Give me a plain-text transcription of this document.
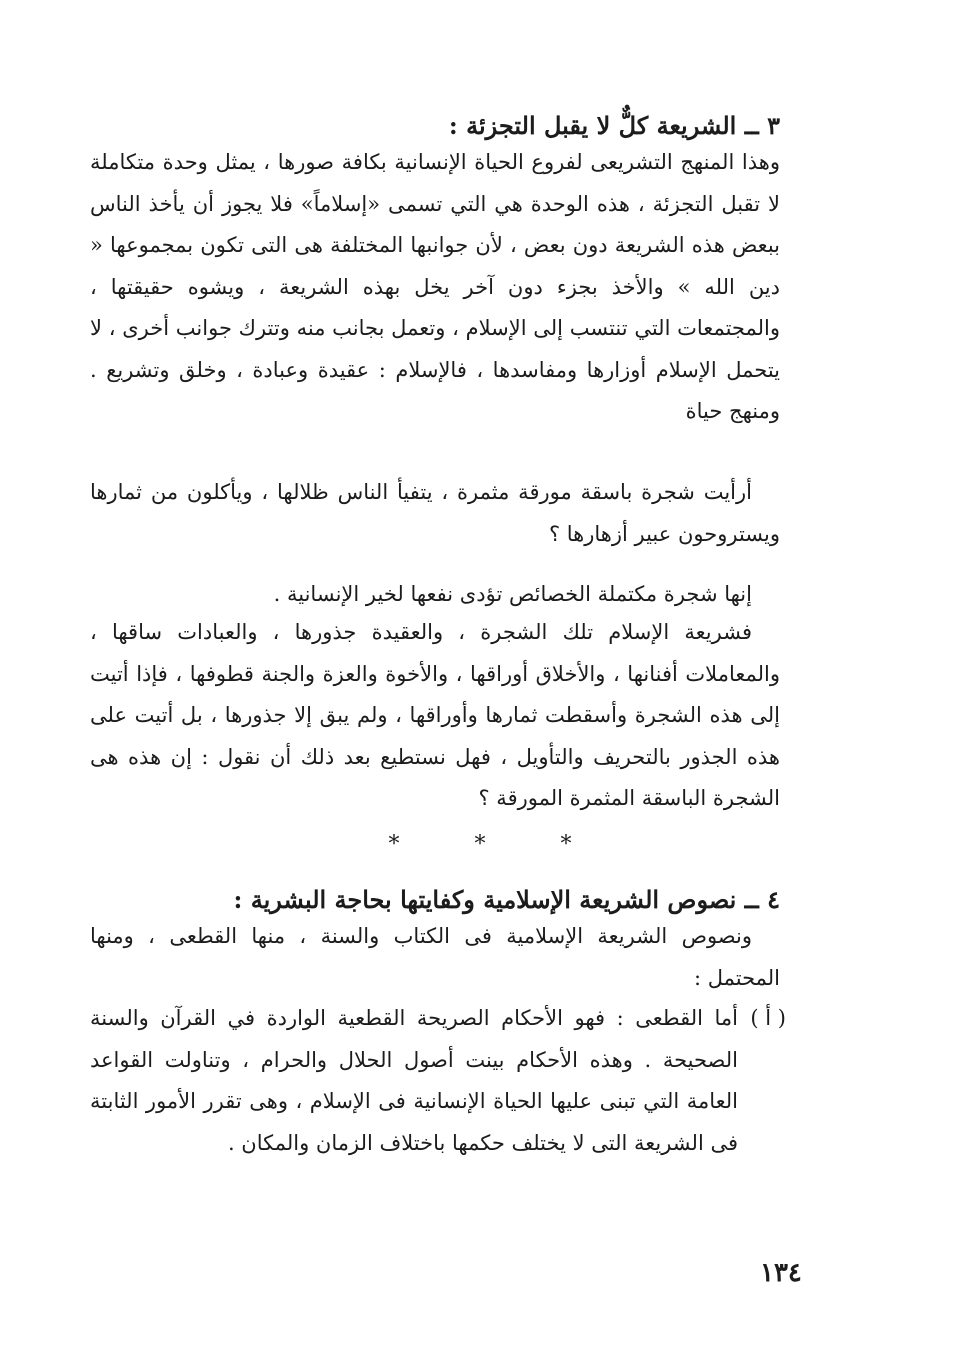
٣ ــ الشريعة كلٌّ لا يقبل التجزئة :

وهذا المنهج التشريعى لفروع الحياة الإنسانية بكافة صورها ، يمثل وحدة متكاملة لا تقبل التجزئة ، هذه الوحدة هي التي تسمى «إسلاماً» فلا يجوز أن يأخذ الناس ببعض هذه الشريعة دون بعض ، لأن جوانبها المختلفة هى التى تكون بمجموعها « دين الله » والأخذ بجزء دون آخر يخل بهذه الشريعة ، ويشوه حقيقتها ، والمجتمعات التي تنتسب إلى الإسلام ، وتعمل بجانب منه وتترك جوانب أخرى ، لا يتحمل الإسلام أوزارها ومفاسدها ، فالإسلام : عقيدة وعبادة ، وخلق وتشريع . ومنهج حياة

أرأيت شجرة باسقة مورقة مثمرة ، يتفيأ الناس ظلالها ، ويأكلون من ثمارها ويستروحون عبير أزهارها ؟

إنها شجرة مكتملة الخصائص تؤدى نفعها لخير الإنسانية .

فشريعة الإسلام تلك الشجرة ، والعقيدة جذورها ، والعبادات ساقها ، والمعاملات أفنانها ، والأخلاق أوراقها ، والأخوة والعزة والجنة قطوفها ، فإذا أتيت إلى هذه الشجرة وأسقطت ثمارها وأوراقها ، ولم يبق إلا جذورها ، بل أتيت على هذه الجذور بالتحريف والتأويل ، فهل نستطيع بعد ذلك أن نقول : إن هذه هى الشجرة الباسقة المثمرة المورقة ؟

* * *
٤ ــ نصوص الشريعة الإسلامية وكفايتها بحاجة البشرية :

ونصوص الشريعة الإسلامية فى الكتاب والسنة ، منها القطعى ، ومنها المحتمل :

( أ )

أما القطعى : فهو الأحكام الصريحة القطعية الواردة في القرآن والسنة الصحيحة . وهذه الأحكام بينت أصول الحلال والحرام ، وتناولت القواعد العامة التي تبنى عليها الحياة الإنسانية فى الإسلام ، وهى تقرر الأمور الثابتة فى الشريعة التى لا يختلف حكمها باختلاف الزمان والمكان .

١٣٤
